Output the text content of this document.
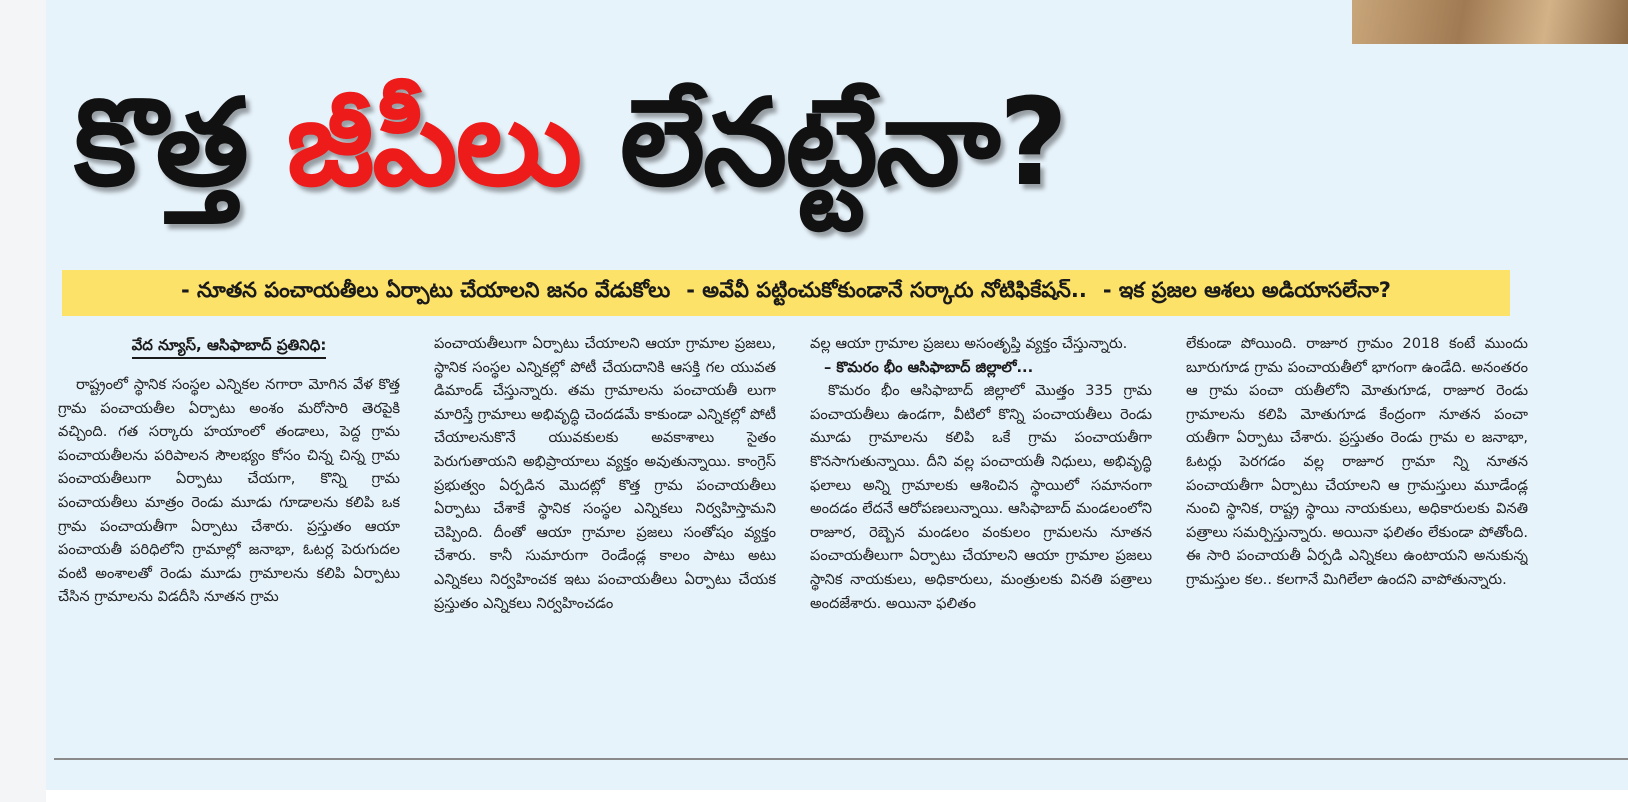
కొత్త జీపీలు లేనట్టేనా?
- నూతన పంచాయతీలు ఏర్పాటు చేయాలని జనం వేడుకోలు - అవేవీ పట్టించుకోకుండానే సర్కారు నోటిఫికేషన్.. - ఇక ప్రజల ఆశలు అడియాసలేనా?
వేద న్యూస్, ఆసిఫాబాద్ ప్రతినిధి:

రాష్ట్రంలో స్థానిక సంస్థల ఎన్నికల నగారా మోగిన వేళ కొత్త గ్రామ పంచాయతీల ఏర్పాటు అంశం మరోసారి తెరపైకి వచ్చింది. గత సర్కారు హయాంలో తండాలు, పెద్ద గ్రామ పంచాయతీలను పరిపాలన సౌలభ్యం కోసం చిన్న చిన్న గ్రామ పంచాయతీలుగా ఏర్పాటు చేయగా, కొన్ని గ్రామ పంచాయతీలు మాత్రం రెండు మూడు గూడాలను కలిపి ఒక గ్రామ పంచాయతీగా ఏర్పాటు చేశారు. ప్రస్తుతం ఆయా పంచాయతీ పరిధిలోని గ్రామాల్లో జనాభా, ఓటర్ల పెరుగుదల వంటి అంశాలతో రెండు మూడు గ్రామాలను కలిపి ఏర్పాటు చేసిన గ్రామాలను విడదీసి నూతన గ్రామ

పంచాయతీలుగా ఏర్పాటు చేయాలని ఆయా గ్రామాల ప్రజలు, స్థానిక సంస్థల ఎన్నికల్లో పోటీ చేయదానికి ఆసక్తి గల యువత డిమాండ్ చేస్తున్నారు. తమ గ్రామాలను పంచాయతీ లుగా మారిస్తే గ్రామాలు అభివృద్ధి చెందడమే కాకుండా ఎన్నికల్లో పోటీ చేయాలనుకొనే యువకులకు అవకాశాలు సైతం పెరుగుతాయని అభిప్రాయాలు వ్యక్తం అవుతున్నాయి. కాంగ్రెస్ ప్రభుత్వం ఏర్పడిన మొదట్లో కొత్త గ్రామ పంచాయతీలు ఏర్పాటు చేశాకే స్థానిక సంస్థల ఎన్నికలు నిర్వహిస్తామని చెప్పింది. దీంతో ఆయా గ్రామాల ప్రజలు సంతోషం వ్యక్తం చేశారు. కానీ సుమారుగా రెండేండ్ల కాలం పాటు అటు ఎన్నికలు నిర్వహించక ఇటు పంచాయతీలు ఏర్పాటు చేయక ప్రస్తుతం ఎన్నికలు నిర్వహించడం

వల్ల ఆయా గ్రామాల ప్రజలు అసంతృప్తి వ్యక్తం చేస్తున్నారు.

– కొమరం భీం ఆసిఫాబాద్ జిల్లాలో...

కొమరం భీం ఆసిఫాబాద్ జిల్లాలో మొత్తం 335 గ్రామ పంచాయతీలు ఉండగా, వీటిలో కొన్ని పంచాయతీలు రెండు మూడు గ్రామాలను కలిపి ఒకే గ్రామ పంచాయతీగా కొనసాగుతున్నాయి. దీని వల్ల పంచాయతీ నిధులు, అభివృద్ధి ఫలాలు అన్ని గ్రామాలకు ఆశించిన స్థాయిలో సమానంగా అందడం లేదనే ఆరోపణలున్నాయి. ఆసిఫాబాద్ మండలంలోని రాజూర, రెబ్బెన మండలం వంకులం గ్రామలను నూతన పంచాయతీలుగా ఏర్పాటు చేయాలని ఆయా గ్రామాల ప్రజలు స్థానిక నాయకులు, అధికారులు, మంత్రులకు వినతి పత్రాలు అందజేశారు. అయినా ఫలితం

లేకుండా పోయింది. రాజూర గ్రామం 2018 కంటే ముందు బూరుగూడ గ్రామ పంచాయతీలో భాగంగా ఉండేది. అనంతరం ఆ గ్రామ పంచా యతీలోని మోతుగూడ, రాజూర రెండు గ్రామాలను కలిపి మోతుగూడ కేంద్రంగా నూతన పంచా యతీగా ఏర్పాటు చేశారు. ప్రస్తుతం రెండు గ్రామ ల జనాభా, ఓటర్లు పెరగడం వల్ల రాజూర గ్రామా న్ని నూతన పంచాయతీగా ఏర్పాటు చేయాలని ఆ గ్రామస్తులు మూడేండ్ల నుంచి స్థానిక, రాష్ట్ర స్థాయి నాయకులు, అధికారులకు వినతి పత్రాలు సమర్పిస్తున్నారు. అయినా ఫలితం లేకుండా పోతోంది. ఈ సారి పంచాయతీ ఏర్పడి ఎన్నికలు ఉంటాయని అనుకున్న గ్రామస్తుల కల.. కలగానే మిగిలేలా ఉందని వాపోతున్నారు.
